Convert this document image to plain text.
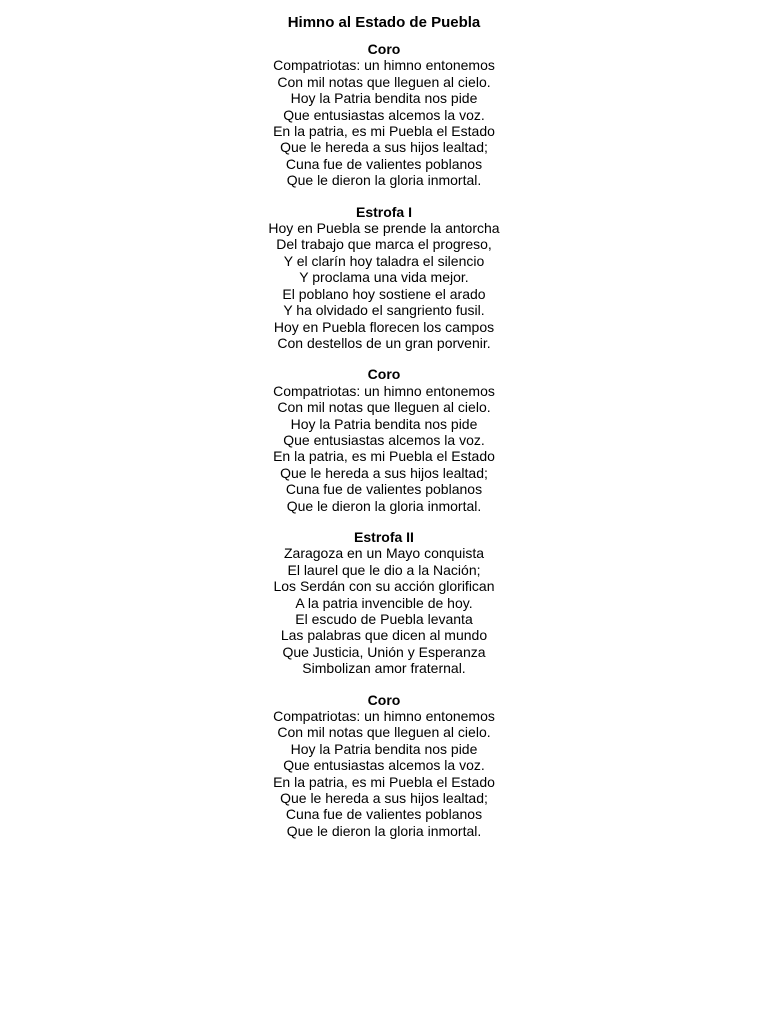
Himno al Estado de Puebla
Coro
Compatriotas: un himno entonemos
Con mil notas que lleguen al cielo.
Hoy la Patria bendita nos pide
Que entusiastas alcemos la voz.
En la patria, es mi Puebla el Estado
Que le hereda a sus hijos lealtad;
Cuna fue de valientes poblanos
Que le dieron la gloria inmortal.
Estrofa I
Hoy en Puebla se prende la antorcha
Del trabajo que marca el progreso,
Y el clarín hoy taladra el silencio
Y proclama una vida mejor.
El poblano hoy sostiene el arado
Y ha olvidado el sangriento fusil.
Hoy en Puebla florecen los campos
Con destellos de un gran porvenir.
Coro
Compatriotas: un himno entonemos
Con mil notas que lleguen al cielo.
Hoy la Patria bendita nos pide
Que entusiastas alcemos la voz.
En la patria, es mi Puebla el Estado
Que le hereda a sus hijos lealtad;
Cuna fue de valientes poblanos
Que le dieron la gloria inmortal.
Estrofa II
Zaragoza en un Mayo conquista
El laurel que le dio a la Nación;
Los Serdán con su acción glorifican
A la patria invencible de hoy.
El escudo de Puebla levanta
Las palabras que dicen al mundo
Que Justicia, Unión y Esperanza
Simbolizan amor fraternal.
Coro
Compatriotas: un himno entonemos
Con mil notas que lleguen al cielo.
Hoy la Patria bendita nos pide
Que entusiastas alcemos la voz.
En la patria, es mi Puebla el Estado
Que le hereda a sus hijos lealtad;
Cuna fue de valientes poblanos
Que le dieron la gloria inmortal.
